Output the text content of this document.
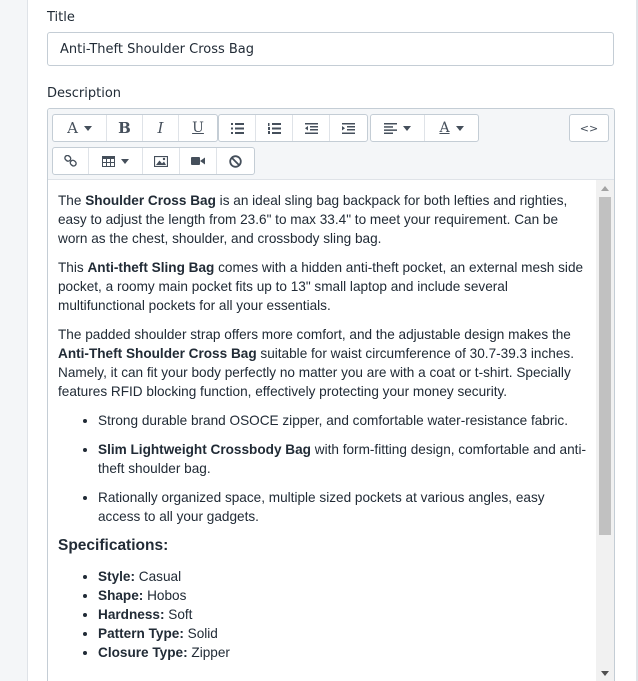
Title
Anti-Theft Shoulder Cross Bag
Description
A	B I U	A	<>

The Shoulder Cross Bag is an ideal sling bag backpack for both lefties and righties, easy to adjust the length from 23.6" to max 33.4" to meet your requirement. Can be worn as the chest, shoulder, and crossbody sling bag.

This Anti-theft Sling Bag comes with a hidden anti-theft pocket, an external mesh side pocket, a roomy main pocket fits up to 13" small laptop and include several multifunctional pockets for all your essentials.

The padded shoulder strap offers more comfort, and the adjustable design makes the Anti-Theft Shoulder Cross Bag suitable for waist circumference of 30.7-39.3 inches. Namely, it can fit your body perfectly no matter you are with a coat or t-shirt. Specially features RFID blocking function, effectively protecting your money security.

• Strong durable brand OSOCE zipper, and comfortable water-resistance fabric.
• Slim Lightweight Crossbody Bag with form-fitting design, comfortable and anti-theft shoulder bag.
• Rationally organized space, multiple sized pockets at various angles, easy access to all your gadgets.
Specifications:
• Style: Casual
• Shape: Hobos
• Hardness: Soft
• Pattern Type: Solid
• Closure Type: Zipper
